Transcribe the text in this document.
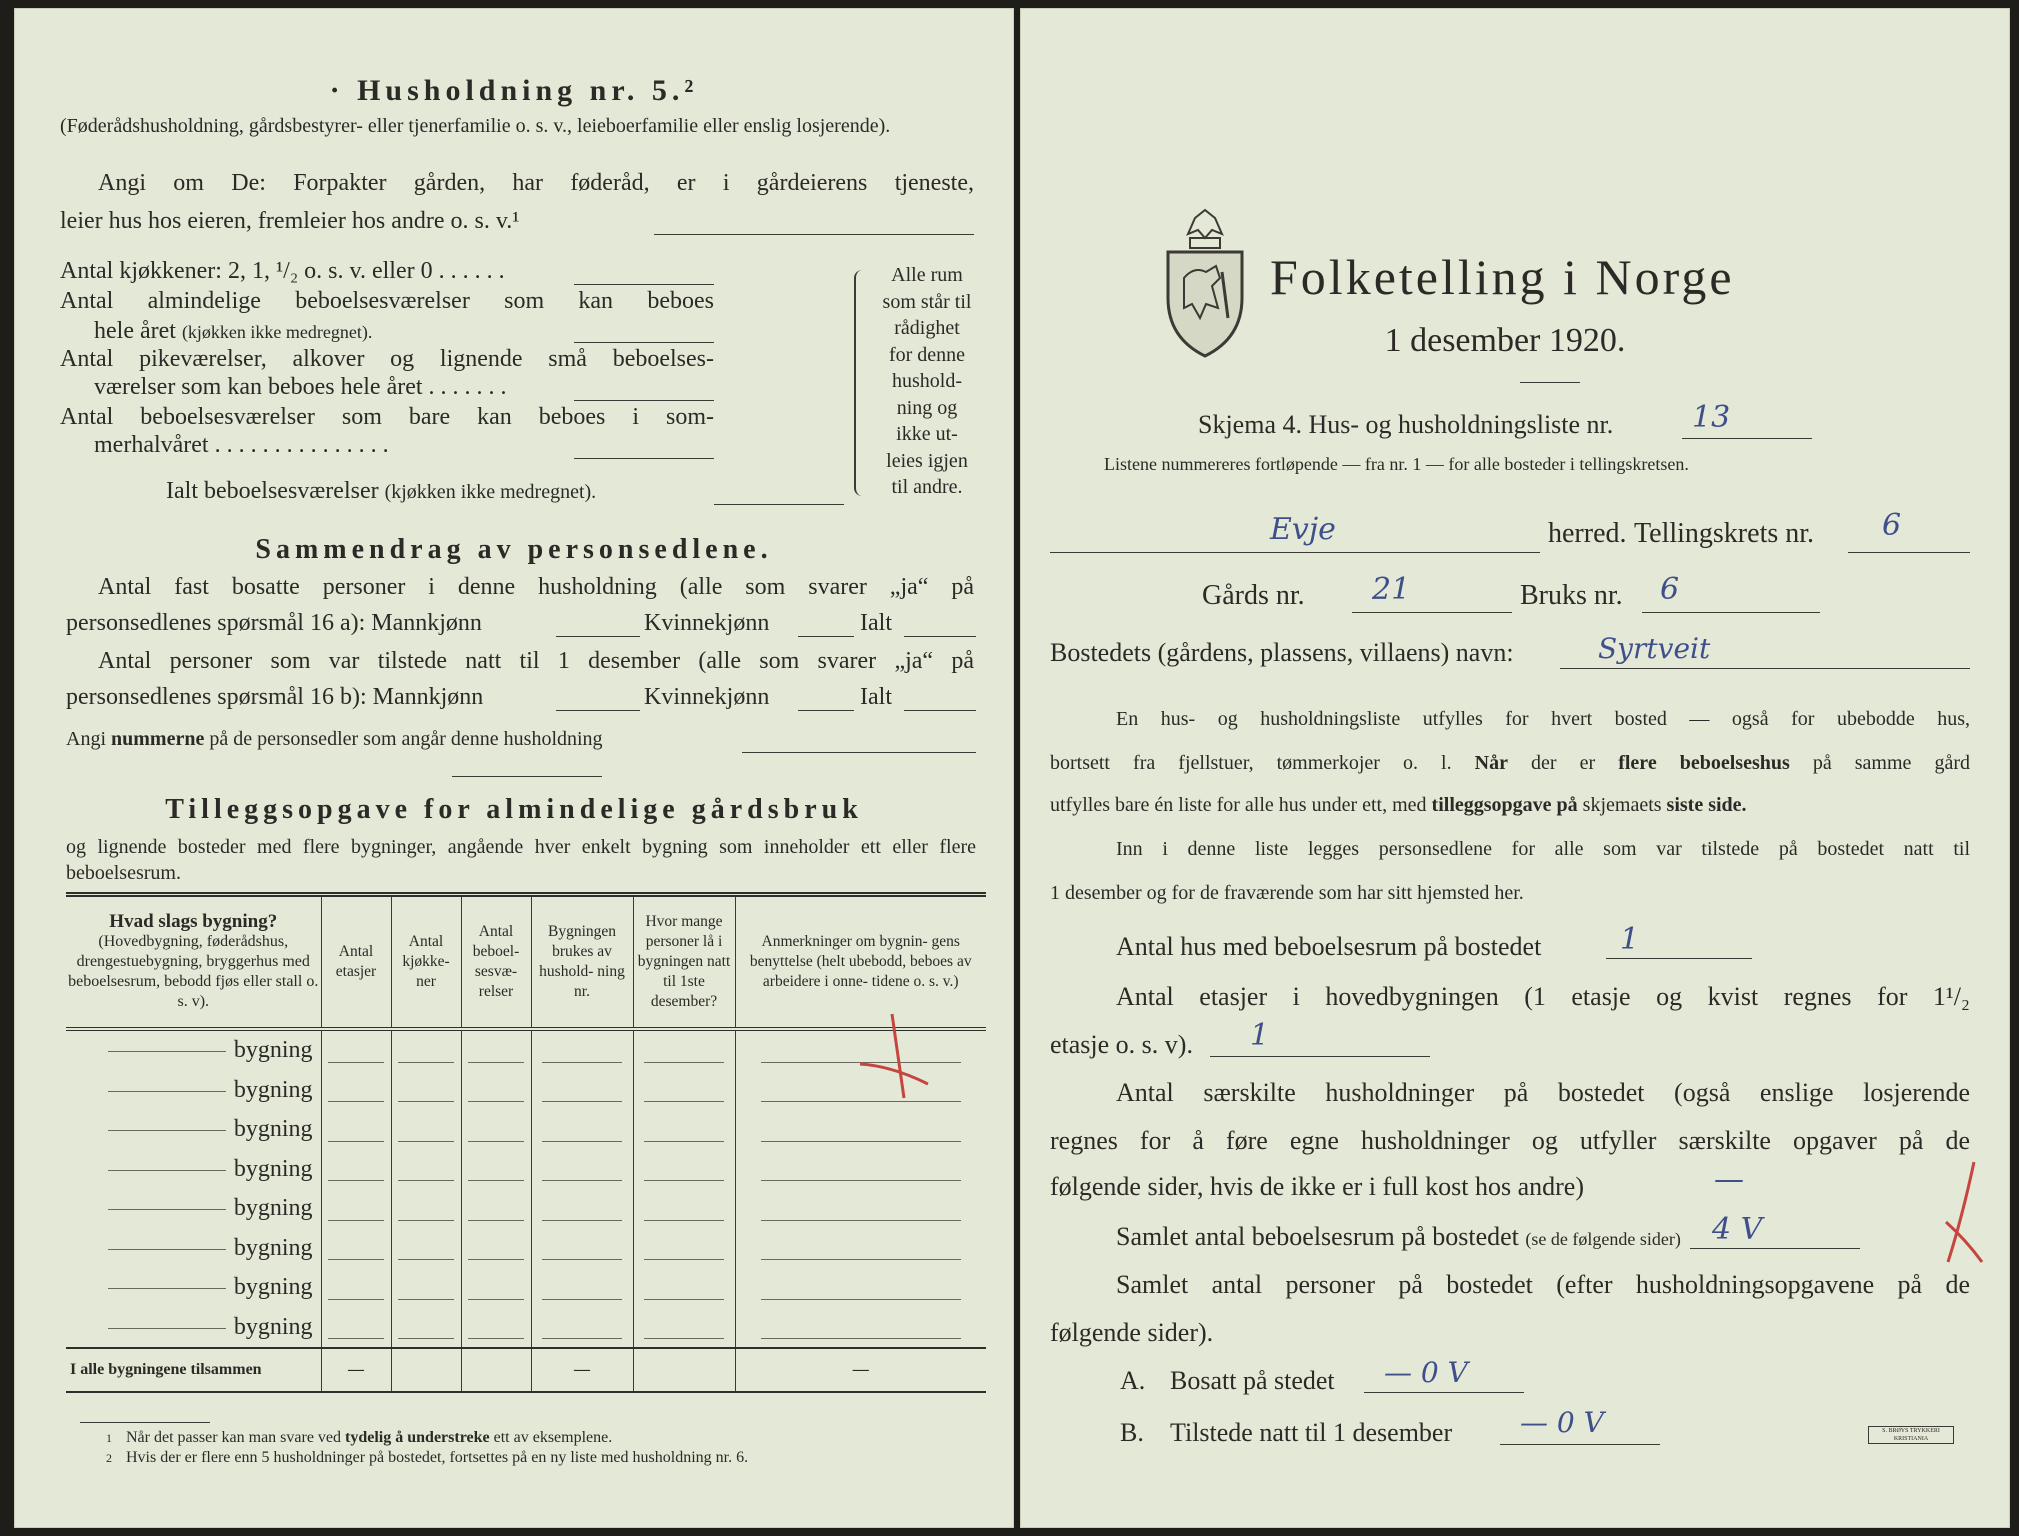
· Husholdning nr. 5.²
(Føderådshusholdning, gårdsbestyrer- eller tjenerfamilie o. s. v., leieboerfamilie eller enslig losjerende).
Angi om De: Forpakter gården, har føderåd, er i gårdeierens tjeneste,
leier hus hos eieren, fremleier hos andre o. s. v.¹
Antal kjøkkener: 2, 1, ¹/₂ o. s. v. eller 0 . . . . . .
Antal almindelige beboelsesværelser som kan beboes
hele året (kjøkken ikke medregnet).
Antal pikeværelser, alkover og lignende små beboelses-
værelser som kan beboes hele året . . . . . . .
Antal beboelsesværelser som bare kan beboes i som-
merhalvåret . . . . . . . . . . . . . . .
Ialt beboelsesværelser (kjøkken ikke medregnet).
Alle rum
som står til
rådighet
for denne
hushold-
ning og
ikke ut-
leies igjen
til andre.
Sammendrag av personsedlene.
Antal fast bosatte personer i denne husholdning (alle som svarer „ja“ på
personsedlenes spørsmål 16 a): Mannkjønn	Kvinnekjønn	Ialt
Antal personer som var tilstede natt til 1 desember (alle som svarer „ja“ på
personsedlenes spørsmål 16 b): Mannkjønn	Kvinnekjønn	Ialt
Angi nummerne på de personsedler som angår denne husholdning
Tilleggsopgave for almindelige gårdsbruk
og lignende bosteder med flere bygninger, angående hver enkelt bygning som inneholder ett eller flere beboelsesrum.
Hvad slags bygning?
(Hovedbygning, føderådshus, drengestuebygning, bryggerhus med beboelsesrum, bebodd fjøs eller stall o. s. v).	Antal etasjer	Antal kjøkke- ner	Antal beboel- sesvæ- relser	Bygningen brukes av hushold- ning nr.	Hvor mange personer lå i bygningen natt til 1ste desember?	Anmerkninger om bygnin- gens benyttelse (helt ubebodd, beboes av arbeidere i onne- tidene o. s. v.)

bygning	

bygning	

bygning	

bygning	

bygning	

bygning	

bygning	

bygning	

I alle bygningene tilsammen	—			—		—
1 Når det passer kan man svare ved tydelig å understreke ett av eksemplene.
2 Hvis der er flere enn 5 husholdninger på bostedet, fortsettes på en ny liste med husholdning nr. 6.
Folketelling i Norge
1 desember 1920.
Skjema 4. Hus- og husholdningsliste nr.	13
Listene nummereres fortløpende — fra nr. 1 — for alle bosteder i tellingskretsen.
Evje	herred. Tellingskrets nr. 6
Gårds nr. 21	Bruks nr. 6
Bostedets (gårdens, plassens, villaens) navn:	Syrtveit
En hus- og husholdningsliste utfylles for hvert bosted — også for ubebodde hus,
bortsett fra fjellstuer, tømmerkojer o. l. Når der er flere beboelseshus på samme gård
utfylles bare én liste for alle hus under ett, med tilleggsopgave på skjemaets siste side.
Inn i denne liste legges personsedlene for alle som var tilstede på bostedet natt til
1 desember og for de fraværende som har sitt hjemsted her.
Antal hus med beboelsesrum på bostedet	1
Antal etasjer i hovedbygningen (1 etasje og kvist regnes for 1¹/₂
etasje o. s. v). 1
Antal særskilte husholdninger på bostedet (også enslige losjerende
regnes for å føre egne husholdninger og utfyller særskilte opgaver på de
følgende sider, hvis de ikke er i full kost hos andre)	—
Samlet antal beboelsesrum på bostedet (se de følgende sider) 4 V
Samlet antal personer på bostedet (efter husholdningsopgavene på de
følgende sider).
A. Bosatt på stedet — 0 V
B. Tilstede natt til 1 desember — 0 V	S. BRØYS TRYKKERI KRISTIANIA
